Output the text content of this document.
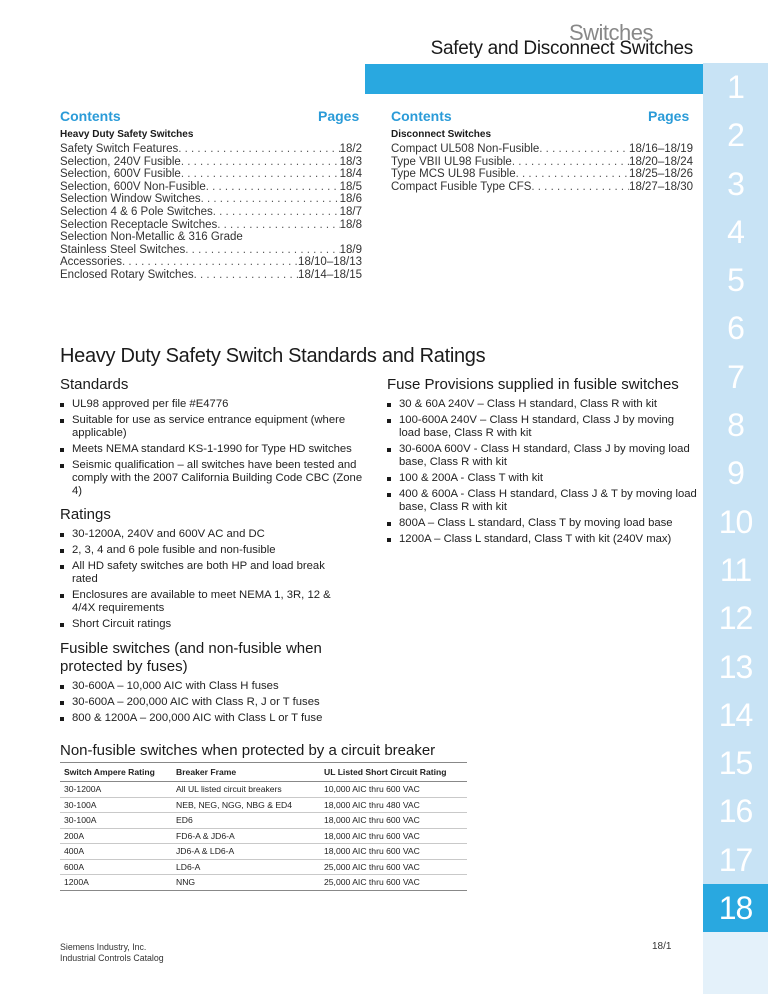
Switches
Safety and Disconnect Switches
1
2
3
4
5
6
7
8
9
10
11
12
13
14
15
16
17
18
Contents	Pages
Heavy Duty Safety Switches
Safety Switch Features . . .	18/2
Selection, 240V Fusible . . .	18/3
Selection, 600V Fusible . . .	18/4
Selection, 600V Non-Fusible . . .	18/5
Selection Window Switches . . .	18/6
Selection 4 & 6 Pole Switches . . .	18/7
Selection Receptacle Switches . . .	18/8
Selection Non-Metallic & 316 Grade
Stainless Steel Switches . . .	18/9
Accessories . . .	18/10–18/13
Enclosed Rotary Switches . . .	18/14–18/15
Contents	Pages
Disconnect Switches
Compact UL508 Non-Fusible . . .	18/16–18/19
Type VBII UL98 Fusible . . .	18/20–18/24
Type MCS UL98 Fusible . . .	18/25–18/26
Compact Fusible Type CFS . . .	18/27–18/30
Heavy Duty Safety Switch Standards and Ratings
Standards
UL98 approved per file #E4776
Suitable for use as service entrance equipment (where applicable)
Meets NEMA standard KS-1-1990 for Type HD switches
Seismic qualification – all switches have been tested and comply with the 2007 California Building Code CBC (Zone 4)
Ratings
30-1200A, 240V and 600V AC and DC
2, 3, 4 and 6 pole fusible and non-fusible
All HD safety switches are both HP and load break rated
Enclosures are available to meet NEMA 1, 3R, 12 & 4/4X requirements
Short Circuit ratings
Fuse Provisions supplied in fusible switches
30 & 60A 240V – Class H standard, Class R with kit
100-600A 240V – Class H standard, Class J by moving load base, Class R with kit
30-600A 600V - Class H standard, Class J by moving load base, Class R with kit
100 & 200A - Class T with kit
400 & 600A - Class H standard, Class J & T by moving load base, Class R with kit
800A – Class L standard, Class T by moving load base
1200A – Class L standard, Class T with kit (240V max)
Fusible switches (and non-fusible when protected by fuses)
30-600A – 10,000 AIC with Class H fuses
30-600A – 200,000 AIC with Class R, J or T fuses
800 & 1200A – 200,000 AIC with Class L or T fuse
Non-fusible switches when protected by a circuit breaker
Switch Ampere Rating	Breaker Frame	UL Listed Short Circuit Rating
30-1200A	All UL listed circuit breakers	10,000 AIC thru 600 VAC
30-100A	NEB, NEG, NGG, NBG & ED4	18,000 AIC thru 480 VAC
30-100A	ED6	18,000 AIC thru 600 VAC
200A	FD6-A & JD6-A	18,000 AIC thru 600 VAC
400A	JD6-A & LD6-A	18,000 AIC thru 600 VAC
600A	LD6-A	25,000 AIC thru 600 VAC
1200A	NNG	25,000 AIC thru 600 VAC
Siemens Industry, Inc.
Industrial Controls Catalog
18/1
